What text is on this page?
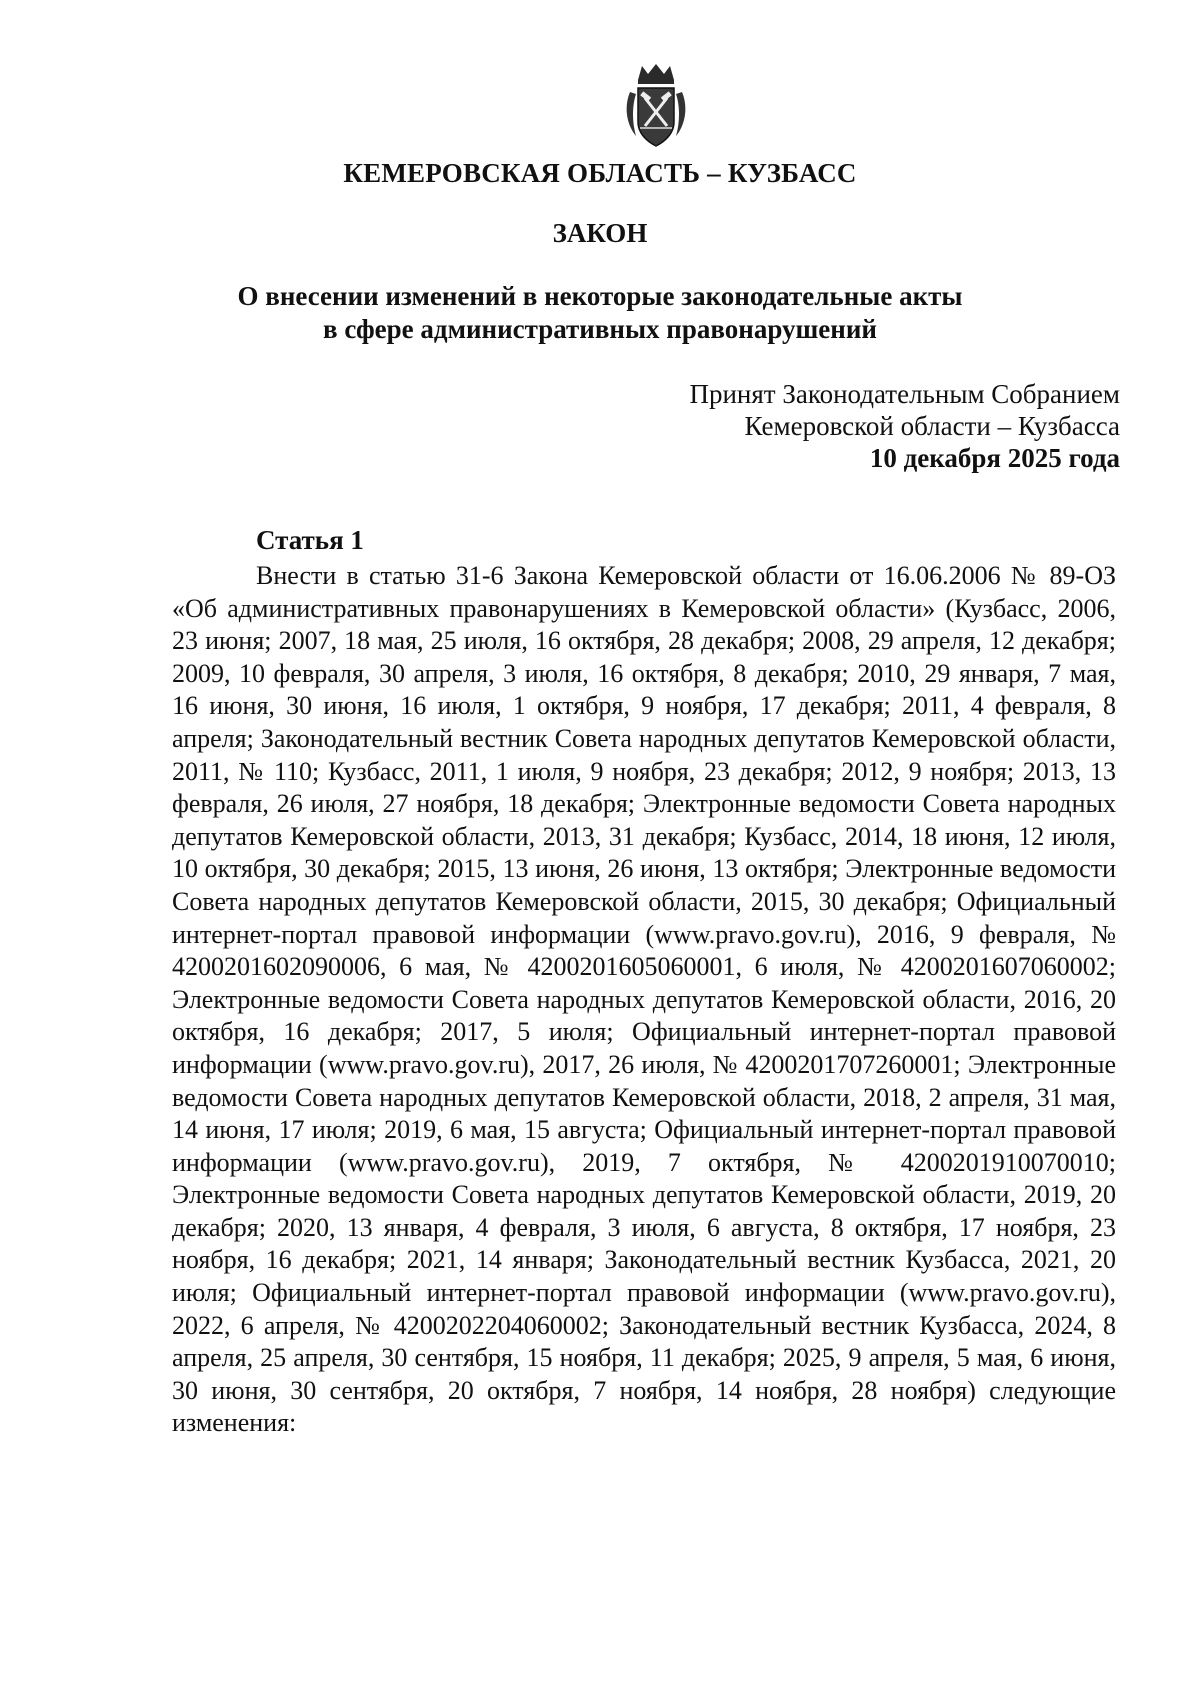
КЕМЕРОВСКАЯ ОБЛАСТЬ – КУЗБАСС
ЗАКОН
О внесении изменений в некоторые законодательные акты
в сфере административных правонарушений
Принят Законодательным Собранием
Кемеровской области – Кузбасса
10 декабря 2025 года
Статья 1

Внести в статью 31-6 Закона Кемеровской области от 16.06.2006 № 89-ОЗ «Об административных правонарушениях в Кемеровской области» (Кузбасс, 2006, 23 июня; 2007, 18 мая, 25 июля, 16 октября, 28 декабря; 2008, 29 апреля, 12 декабря; 2009, 10 февраля, 30 апреля, 3 июля, 16 октября, 8 декабря; 2010, 29 января, 7 мая, 16 июня, 30 июня, 16 июля, 1 октября, 9 ноября, 17 декабря; 2011, 4 февраля, 8 апреля; Законодательный вестник Совета народных депутатов Кемеровской области, 2011, № 110; Кузбасс, 2011, 1 июля, 9 ноября, 23 декабря; 2012, 9 ноября; 2013, 13 февраля, 26 июля, 27 ноября, 18 декабря; Электронные ведомости Совета народных депутатов Кемеровской области, 2013, 31 декабря; Кузбасс, 2014, 18 июня, 12 июля, 10 октября, 30 декабря; 2015, 13 июня, 26 июня, 13 октября; Электронные ведомости Совета народных депутатов Кемеровской области, 2015, 30 декабря; Официальный интернет-портал правовой информации (www.pravo.gov.ru), 2016, 9 февраля, № 4200201602090006, 6 мая, № 4200201605060001, 6 июля, № 4200201607060002; Электронные ведомости Совета народных депутатов Кемеровской области, 2016, 20 октября, 16 декабря; 2017, 5 июля; Официальный интернет-портал правовой информации (www.pravo.gov.ru), 2017, 26 июля, № 4200201707260001; Электронные ведомости Совета народных депутатов Кемеровской области, 2018, 2 апреля, 31 мая, 14 июня, 17 июля; 2019, 6 мая, 15 августа; Официальный интернет-портал правовой информации (www.pravo.gov.ru), 2019, 7 октября, № 4200201910070010; Электронные ведомости Совета народных депутатов Кемеровской области, 2019, 20 декабря; 2020, 13 января, 4 февраля, 3 июля, 6 августа, 8 октября, 17 ноября, 23 ноября, 16 декабря; 2021, 14 января; Законодательный вестник Кузбасса, 2021, 20 июля; Официальный интернет-портал правовой информации (www.pravo.gov.ru), 2022, 6 апреля, № 4200202204060002; Законодательный вестник Кузбасса, 2024, 8 апреля, 25 апреля, 30 сентября, 15 ноября, 11 декабря; 2025, 9 апреля, 5 мая, 6 июня, 30 июня, 30 сентября, 20 октября, 7 ноября, 14 ноября, 28 ноября) следующие изменения:
